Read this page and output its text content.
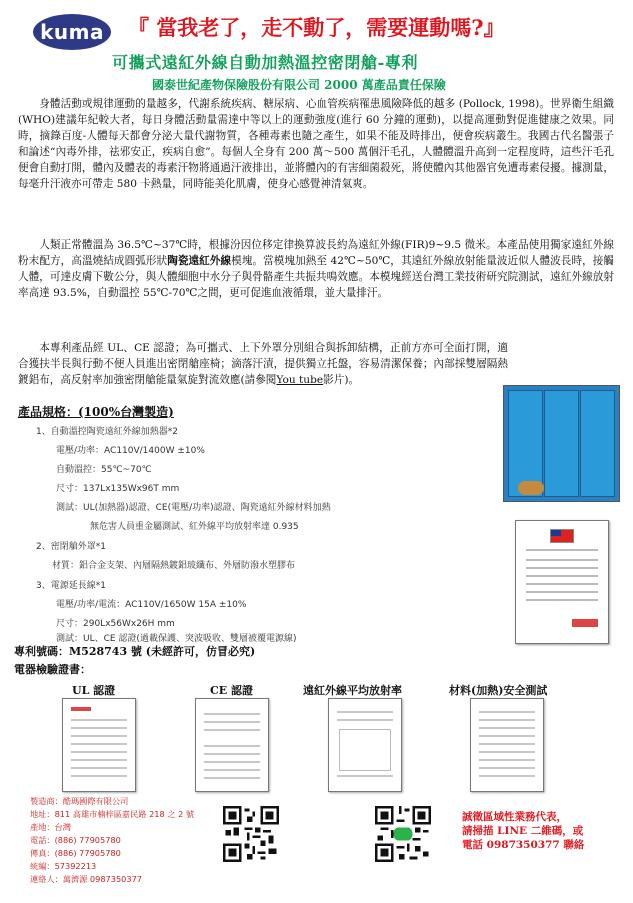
kuma	『 當我老了，走不動了，需要運動嗎?』
可攜式遠紅外線自動加熱溫控密閉艙-專利
國泰世紀產物保險股份有限公司 2000 萬產品責任保險
身體活動或規律運動的量越多，代謝系統疾病、糖尿病、心血管疾病罹患風險降低的越多 (Pollock, 1998)。世界衛生組織 (WHO)建議年紀較大者，每日身體活動量需達中等以上的運動強度(進行 60 分鐘的運動)，以提高運動對促進健康之效果。同時，摘錄百度-人體每天都會分泌大量代謝物質，各種毒素也隨之產生，如果不能及時排出，便會疾病叢生。我國古代名醫張子和論述“內毒外排，祛邪安正，疾病自愈”。每個人全身有 200 萬～500 萬個汗毛孔，人體體溫升高到一定程度時，這些汗毛孔便會自動打開，體內及體表的毒素汗物將通過汗液排出，並將體內的有害細菌殺死，將使體內其他器官免遭毒素侵擾。據測量，每毫升汗液亦可帶走 580 卡熱量，同時能美化肌膚，使身心感覺神清氣爽。
人類正常體溫為 36.5℃~37℃時，根據汾因位移定律換算波長約為遠紅外線(FIR)9~9.5 微米。本產品使用獨家遠紅外線粉末配方，高溫燒結成圓弧形狀陶瓷遠紅外線模塊。當模塊加熱至 42℃~50℃，其遠紅外線放射能量波近似人體波長時，接觸人體，可達皮膚下數公分，與人體細胞中水分子與骨骼產生共振共鳴效應。本模塊經送台灣工業技術研究院測試，遠紅外線放射率高達 93.5%，自動溫控 55℃-70℃之間，更可促進血液循環，並大量排汗。
本專利產品經 UL、CE 認證；為可攜式、上下外罩分別組合與拆卸結構，正前方亦可全面打開，適合獲扶半長與行動不便人員進出密閉艙座椅；滴落汗漬，提供獨立托盤，容易清潔保養；內部採雙層隔熱鍍鋁布，高反射率加強密閉艙能量氣旋對流效應(請參閱You tube影片)。
產品規格：(100%台灣製造)
1、自動溫控陶瓷遠紅外線加熱器*2
電壓/功率：AC110V/1400W ±10%
自動溫控：55℃~70℃
尺寸：137Lx135Wx96T mm
測試：UL(加熱器)認證、CE(電壓/功率)認證、陶瓷遠紅外線材料加熱
無危害人員重金屬測試、紅外線平均放射率達 0.935
2、密閉艙外罩*1
材質：鋁合金支架、內層隔熱鍍鋁玻纖布、外層防潑水塑膠布
3、電源延長線*1
電壓/功率/電流：AC110V/1650W 15A ±10%
尺寸：290Lx56Wx26H mm
測試：UL、CE 認證(過載保護、突波吸收、雙層被覆電源線)
專利號碼：M528743 號 (未經許可，仿冒必究)
電器檢驗證書：
UL 認證	CE 認證	遠紅外線平均放射率	材料(加熱)安全測試
製造商：酷瑪國際有限公司
地址：811 高雄市楠梓區嘉民路 218 之 2 號
產地：台灣
電話：(886) 77905780
傳真：(886) 77905780
統編：57392213
連絡人：萬濟源 0987350377
誠徵區域性業務代表，
請掃描 LINE 二維碼，或
電話 0987350377 聯絡
